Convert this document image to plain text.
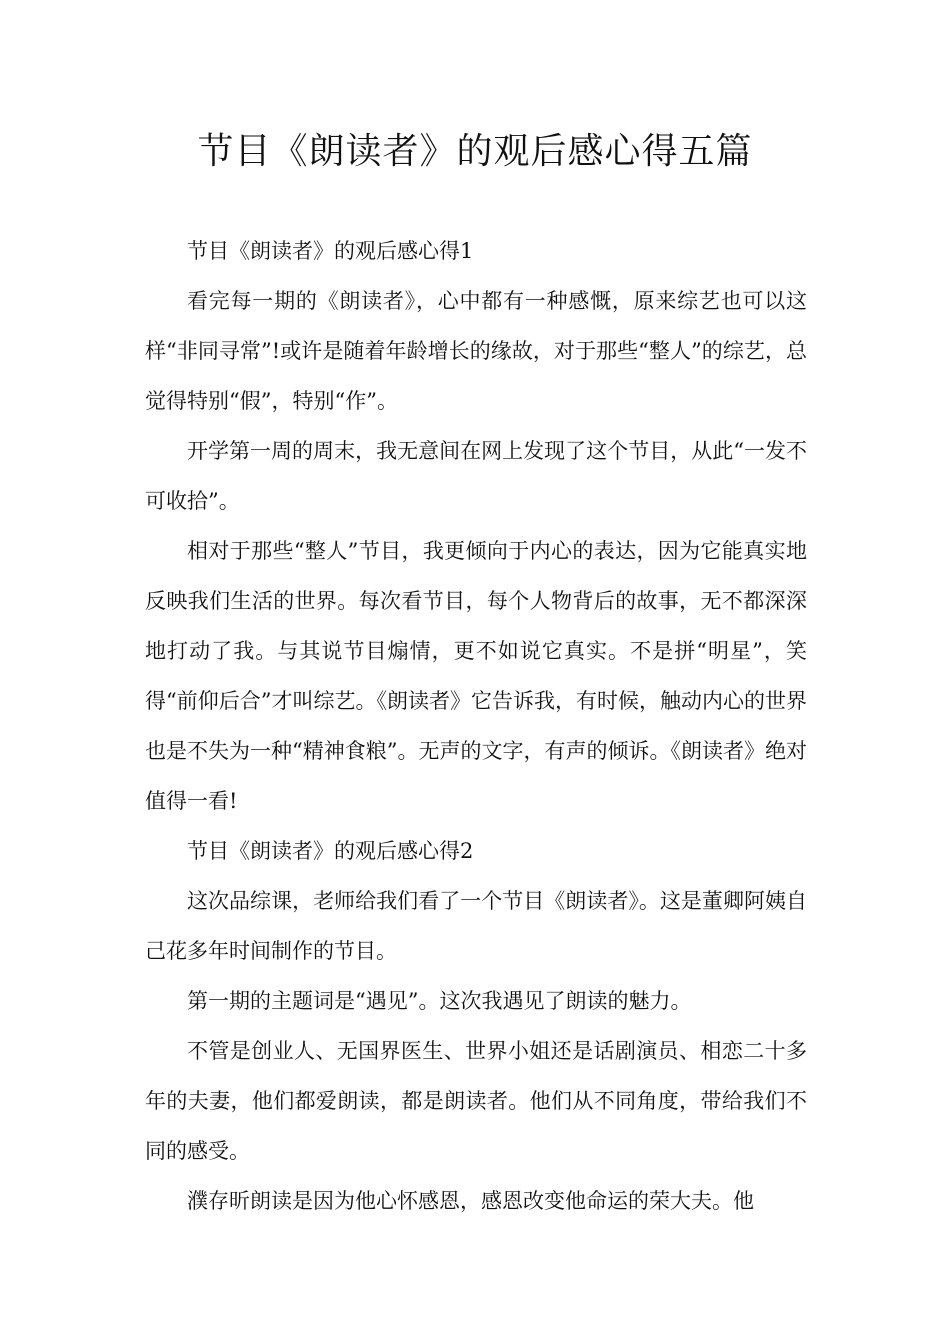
节目《朗读者》的观后感心得五篇

节目《朗读者》的观后感心得1

看完每一期的《朗读者》，心中都有一种感慨，原来综艺也可以这样“非同寻常”!或许是随着年龄增长的缘故，对于那些“整人”的综艺，总觉得特别“假”，特别“作”。

开学第一周的周末，我无意间在网上发现了这个节目，从此“一发不可收拾”。

相对于那些“整人”节目，我更倾向于内心的表达，因为它能真实地反映我们生活的世界。每次看节目，每个人物背后的故事，无不都深深地打动了我。与其说节目煽情，更不如说它真实。不是拼“明星”，笑得“前仰后合”才叫综艺。《朗读者》它告诉我，有时候，触动内心的世界也是不失为一种“精神食粮”。无声的文字，有声的倾诉。《朗读者》绝对值得一看!

节目《朗读者》的观后感心得2

这次品综课，老师给我们看了一个节目《朗读者》。这是董卿阿姨自己花多年时间制作的节目。

第一期的主题词是“遇见”。这次我遇见了朗读的魅力。

不管是创业人、无国界医生、世界小姐还是话剧演员、相恋二十多年的夫妻，他们都爱朗读，都是朗读者。他们从不同角度，带给我们不同的感受。

濮存昕朗读是因为他心怀感恩，感恩改变他命运的荣大夫。他
